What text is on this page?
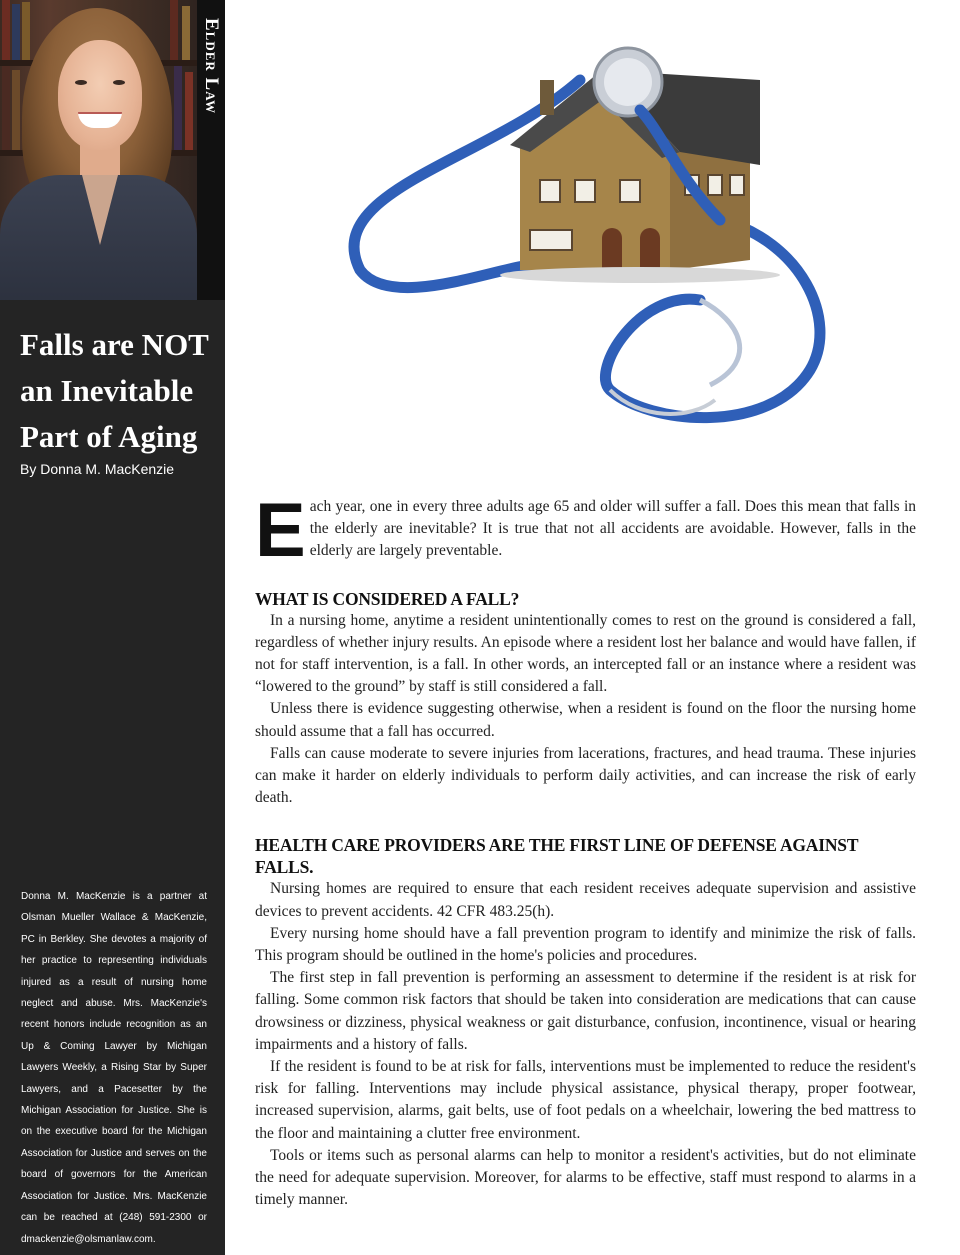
Elder Law
Falls are NOT
an Inevitable
Part of Aging
By Donna M. MacKenzie

Donna M. MacKenzie is a partner at Olsman Mueller Wallace & MacKenzie, PC in Berkley. She devotes a majority of her practice to representing individuals injured as a result of nursing home neglect and abuse. Mrs. MacKenzie's recent honors include recognition as an Up & Coming Lawyer by Michigan Lawyers Weekly, a Rising Star by Super Lawyers, and a Pacesetter by the Michigan Association for Justice. She is on the executive board for the Michigan Association for Justice and serves on the board of governors for the American Association for Justice. Mrs. MacKenzie can be reached at (248) 591-2300 or dmackenzie@olsmanlaw.com.

Each year, one in every three adults age 65 and older will suffer a fall. Does this mean that falls in the elderly are inevitable? It is true that not all accidents are avoidable. However, falls in the elderly are largely preventable.

WHAT IS CONSIDERED A FALL?

In a nursing home, anytime a resident unintentionally comes to rest on the ground is considered a fall, regardless of whether injury results. An episode where a resident lost her balance and would have fallen, if not for staff intervention, is a fall. In other words, an intercepted fall or an instance where a resident was “lowered to the ground” by staff is still considered a fall.

Unless there is evidence suggesting otherwise, when a resident is found on the floor the nursing home should assume that a fall has occurred.

Falls can cause moderate to severe injuries from lacerations, fractures, and head trauma. These injuries can make it harder on elderly individuals to perform daily activities, and can increase the risk of early death.

HEALTH CARE PROVIDERS ARE THE FIRST LINE OF DEFENSE AGAINST FALLS.

Nursing homes are required to ensure that each resident receives adequate supervision and assistive devices to prevent accidents. 42 CFR 483.25(h).

Every nursing home should have a fall prevention program to identify and minimize the risk of falls. This program should be outlined in the home's policies and procedures.

The first step in fall prevention is performing an assessment to determine if the resident is at risk for falling. Some common risk factors that should be taken into consideration are medications that can cause drowsiness or dizziness, physical weakness or gait disturbance, confusion, incontinence, visual or hearing impairments and a history of falls.

If the resident is found to be at risk for falls, interventions must be implemented to reduce the resident's risk for falling. Interventions may include physical assistance, physical therapy, proper footwear, increased supervision, alarms, gait belts, use of foot pedals on a wheelchair, lowering the bed mattress to the floor and maintaining a clutter free environment.

Tools or items such as personal alarms can help to monitor a resident's activities, but do not eliminate the need for adequate supervision. Moreover, for alarms to be effective, staff must respond to alarms in a timely manner.
